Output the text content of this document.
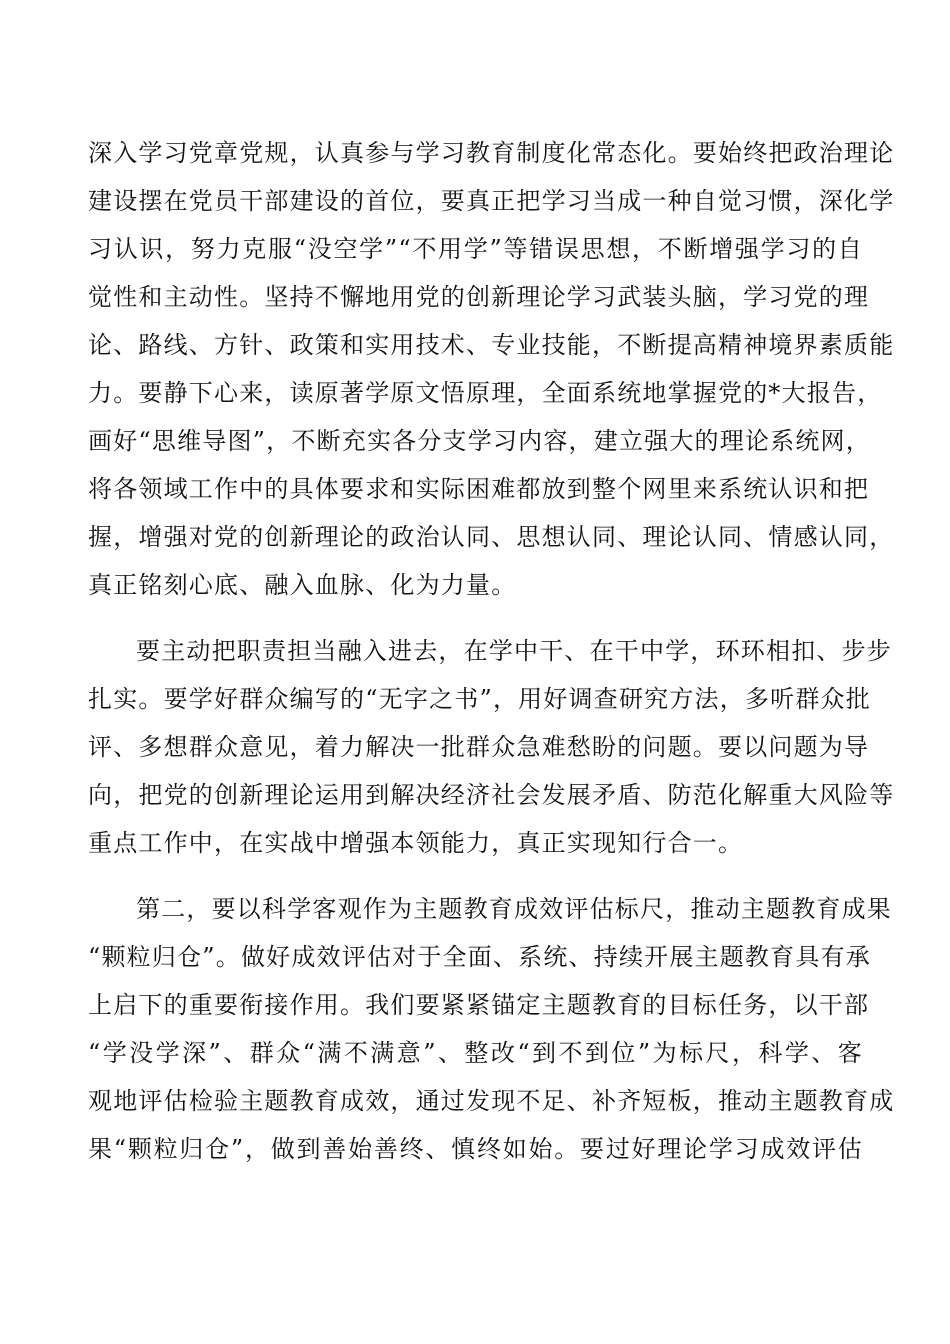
深入学习党章党规，认真参与学习教育制度化常态化。要始终把政治理论
建设摆在党员干部建设的首位，要真正把学习当成一种自觉习惯，深化学
习认识，努力克服“没空学”“不用学”等错误思想，不断增强学习的自
觉性和主动性。坚持不懈地用党的创新理论学习武装头脑，学习党的理
论、路线、方针、政策和实用技术、专业技能，不断提高精神境界素质能
力。要静下心来，读原著学原文悟原理，全面系统地掌握党的*大报告，
画好“思维导图”，不断充实各分支学习内容，建立强大的理论系统网，
将各领域工作中的具体要求和实际困难都放到整个网里来系统认识和把
握，增强对党的创新理论的政治认同、思想认同、理论认同、情感认同，
真正铭刻心底、融入血脉、化为力量。
要主动把职责担当融入进去，在学中干、在干中学，环环相扣、步步
扎实。要学好群众编写的“无字之书”，用好调查研究方法，多听群众批
评、多想群众意见，着力解决一批群众急难愁盼的问题。要以问题为导
向，把党的创新理论运用到解决经济社会发展矛盾、防范化解重大风险等
重点工作中，在实战中增强本领能力，真正实现知行合一。
第二，要以科学客观作为主题教育成效评估标尺，推动主题教育成果
“颗粒归仓”。做好成效评估对于全面、系统、持续开展主题教育具有承
上启下的重要衔接作用。我们要紧紧锚定主题教育的目标任务，以干部
“学没学深”、群众“满不满意”、整改“到不到位”为标尺，科学、客
观地评估检验主题教育成效，通过发现不足、补齐短板，推动主题教育成
果“颗粒归仓”，做到善始善终、慎终如始。要过好理论学习成效评估
